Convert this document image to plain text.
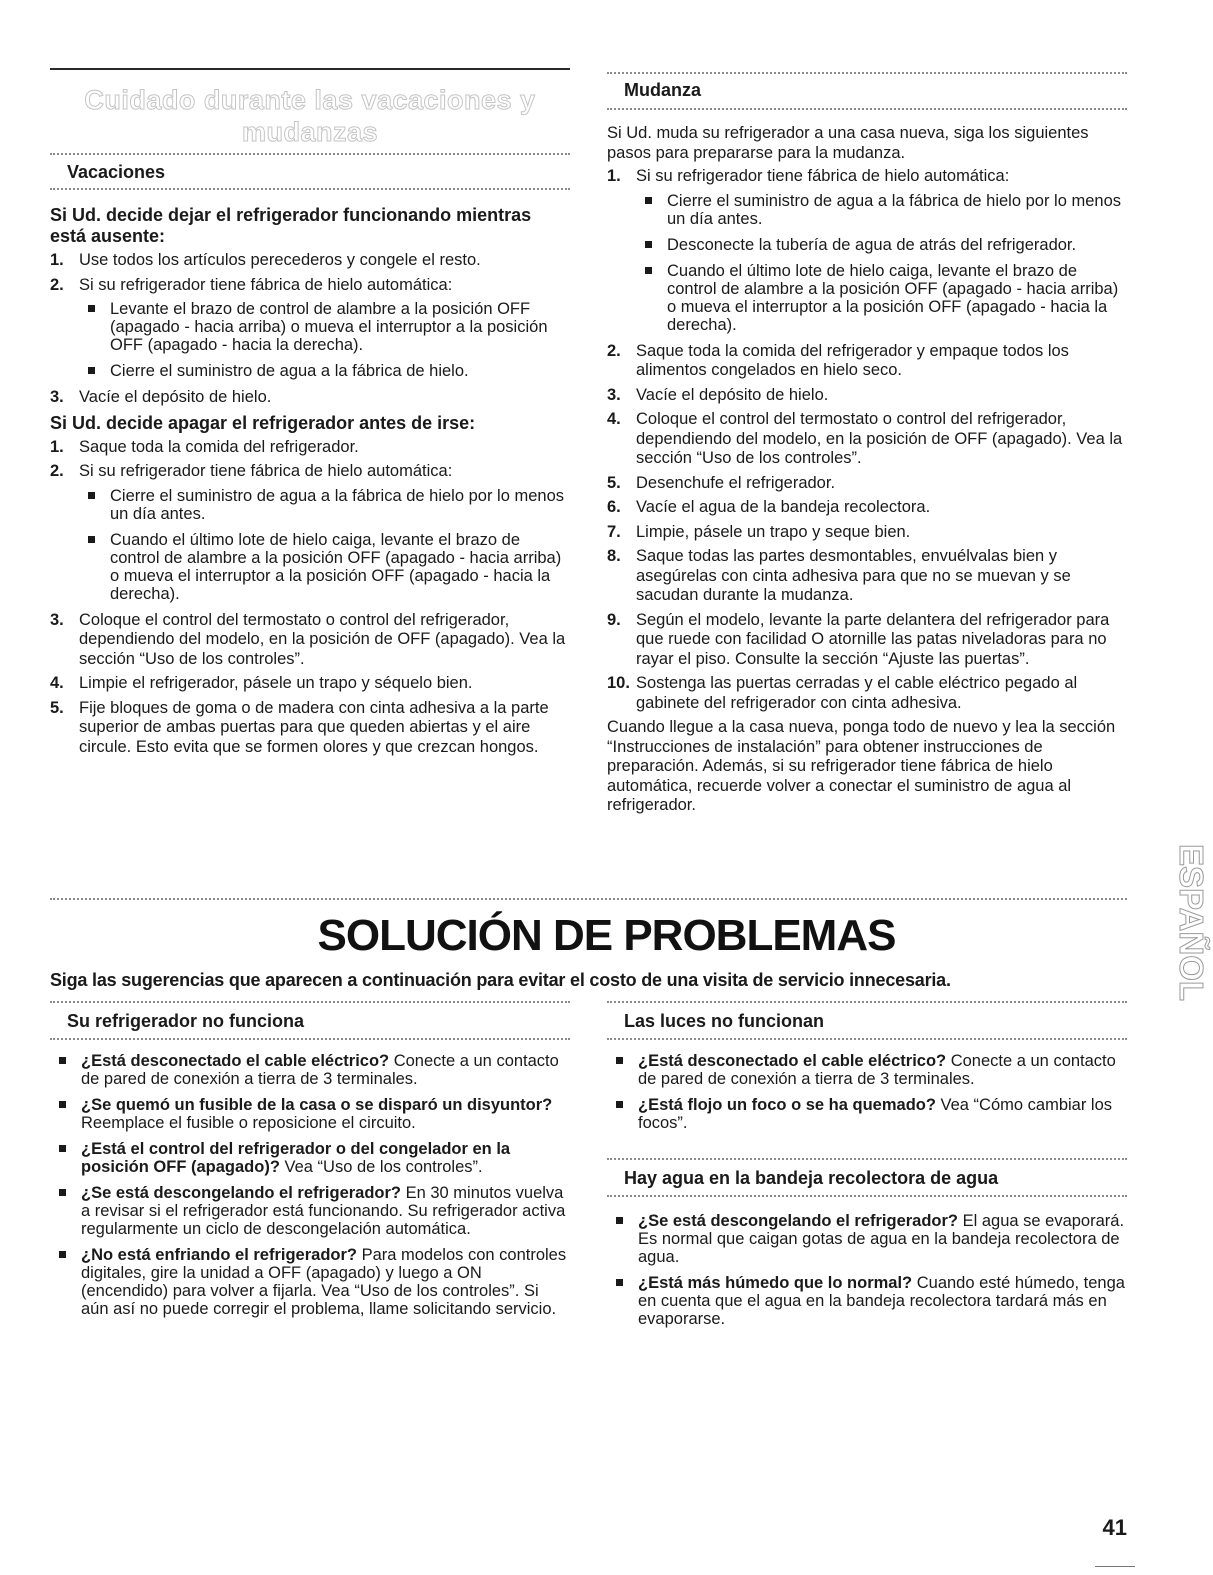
Cuidado durante las vacaciones y
mudanzas
Vacaciones
Si Ud. decide dejar el refrigerador funcionando mientras está ausente:
1. Use todos los artículos perecederos y congele el resto.
2. Si su refrigerador tiene fábrica de hielo automática:
Levante el brazo de control de alambre a la posición OFF (apagado - hacia arriba) o mueva el interruptor a la posición OFF (apagado - hacia la derecha).
Cierre el suministro de agua a la fábrica de hielo.
3. Vacíe el depósito de hielo.
Si Ud. decide apagar el refrigerador antes de irse:
1. Saque toda la comida del refrigerador.
2. Si su refrigerador tiene fábrica de hielo automática:
Cierre el suministro de agua a la fábrica de hielo por lo menos un día antes.
Cuando el último lote de hielo caiga, levante el brazo de control de alambre a la posición OFF (apagado - hacia arriba) o mueva el interruptor a la posición OFF (apagado - hacia la derecha).
3. Coloque el control del termostato o control del refrigerador, dependiendo del modelo, en la posición de OFF (apagado). Vea la sección “Uso de los controles”.
4. Limpie el refrigerador, pásele un trapo y séquelo bien.
5. Fije bloques de goma o de madera con cinta adhesiva a la parte superior de ambas puertas para que queden abiertas y el aire circule. Esto evita que se formen olores y que crezcan hongos.
Mudanza
Si Ud. muda su refrigerador a una casa nueva, siga los siguientes pasos para prepararse para la mudanza.
1. Si su refrigerador tiene fábrica de hielo automática:
Cierre el suministro de agua a la fábrica de hielo por lo menos un día antes.
Desconecte la tubería de agua de atrás del refrigerador.
Cuando el último lote de hielo caiga, levante el brazo de control de alambre a la posición OFF (apagado - hacia arriba) o mueva el interruptor a la posición OFF (apagado - hacia la derecha).
2. Saque toda la comida del refrigerador y empaque todos los alimentos congelados en hielo seco.
3. Vacíe el depósito de hielo.
4. Coloque el control del termostato o control del refrigerador, dependiendo del modelo, en la posición de OFF (apagado). Vea la sección “Uso de los controles”.
5. Desenchufe el refrigerador.
6. Vacíe el agua de la bandeja recolectora.
7. Limpie, pásele un trapo y seque bien.
8. Saque todas las partes desmontables, envuélvalas bien y asegúrelas con cinta adhesiva para que no se muevan y se sacudan durante la mudanza.
9. Según el modelo, levante la parte delantera del refrigerador para que ruede con facilidad O atornille las patas niveladoras para no rayar el piso. Consulte la sección “Ajuste las puertas”.
10. Sostenga las puertas cerradas y el cable eléctrico pegado al gabinete del refrigerador con cinta adhesiva.
Cuando llegue a la casa nueva, ponga todo de nuevo y lea la sección “Instrucciones de instalación” para obtener instrucciones de preparación. Además, si su refrigerador tiene fábrica de hielo automática, recuerde volver a conectar el suministro de agua al refrigerador.
ESPAÑOL
SOLUCIÓN DE PROBLEMAS
Siga las sugerencias que aparecen a continuación para evitar el costo de una visita de servicio innecesaria.
Su refrigerador no funciona
¿Está desconectado el cable eléctrico? Conecte a un contacto de pared de conexión a tierra de 3 terminales.
¿Se quemó un fusible de la casa o se disparó un disyuntor? Reemplace el fusible o reposicione el circuito.
¿Está el control del refrigerador o del congelador en la posición OFF (apagado)? Vea “Uso de los controles”.
¿Se está descongelando el refrigerador? En 30 minutos vuelva a revisar si el refrigerador está funcionando. Su refrigerador activa regularmente un ciclo de descongelación automática.
¿No está enfriando el refrigerador? Para modelos con controles digitales, gire la unidad a OFF (apagado) y luego a ON (encendido) para volver a fijarla. Vea “Uso de los controles”. Si aún así no puede corregir el problema, llame solicitando servicio.
Las luces no funcionan
¿Está desconectado el cable eléctrico? Conecte a un contacto de pared de conexión a tierra de 3 terminales.
¿Está flojo un foco o se ha quemado? Vea “Cómo cambiar los focos”.
Hay agua en la bandeja recolectora de agua
¿Se está descongelando el refrigerador? El agua se evaporará. Es normal que caigan gotas de agua en la bandeja recolectora de agua.
¿Está más húmedo que lo normal? Cuando esté húmedo, tenga en cuenta que el agua en la bandeja recolectora tardará más en evaporarse.
41
